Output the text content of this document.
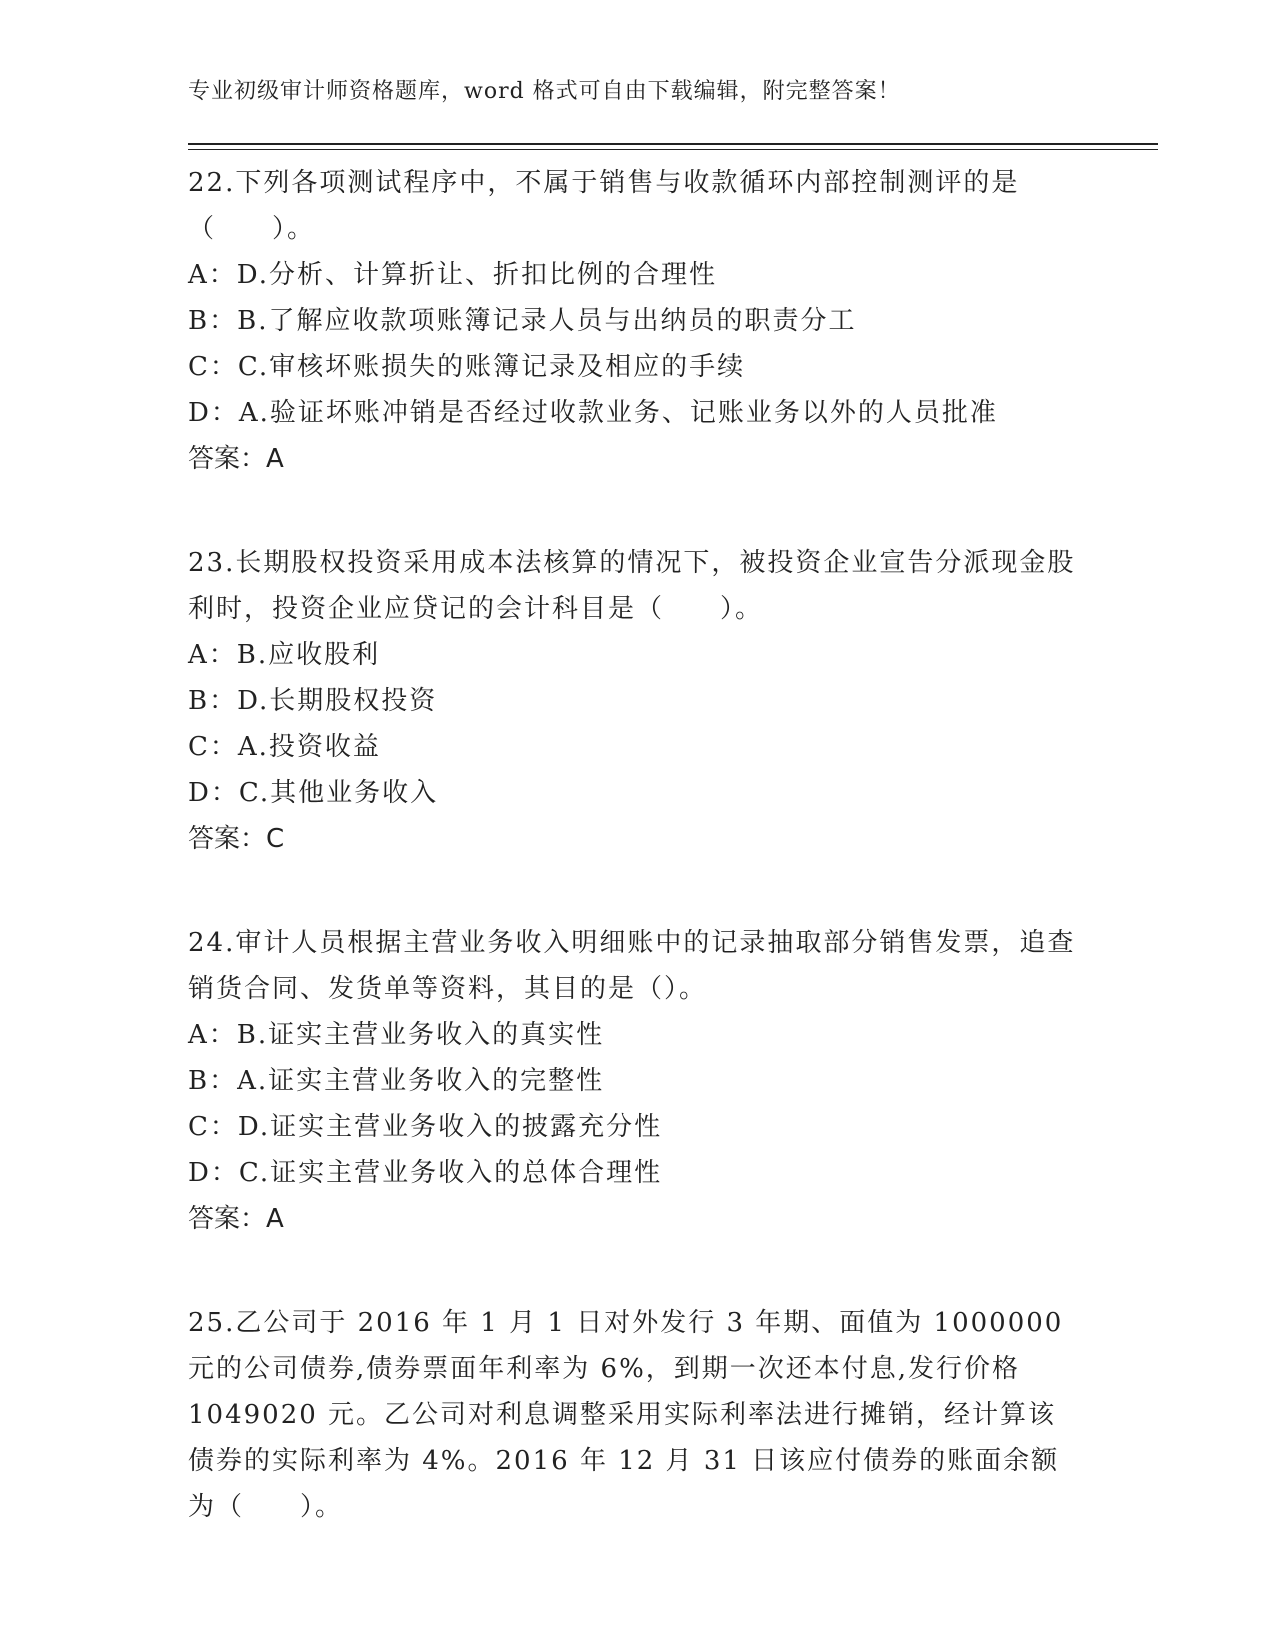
专业初级审计师资格题库，word 格式可自由下载编辑，附完整答案！

22.下列各项测试程序中，不属于销售与收款循环内部控制测评的是（　　）。

A：D.分析、计算折让、折扣比例的合理性

B：B.了解应收款项账簿记录人员与出纳员的职责分工

C：C.审核坏账损失的账簿记录及相应的手续

D：A.验证坏账冲销是否经过收款业务、记账业务以外的人员批准

答案：A

23.长期股权投资采用成本法核算的情况下，被投资企业宣告分派现金股利时，投资企业应贷记的会计科目是（　　）。

A：B.应收股利

B：D.长期股权投资

C：A.投资收益

D：C.其他业务收入

答案：C

24.审计人员根据主营业务收入明细账中的记录抽取部分销售发票，追查销货合同、发货单等资料，其目的是（）。

A：B.证实主营业务收入的真实性

B：A.证实主营业务收入的完整性

C：D.证实主营业务收入的披露充分性

D：C.证实主营业务收入的总体合理性

答案：A

25.乙公司于 2016 年 1 月 1 日对外发行 3 年期、面值为 1000000 元的公司债券,债券票面年利率为 6%，到期一次还本付息,发行价格 1049020 元。乙公司对利息调整采用实际利率法进行摊销，经计算该债券的实际利率为 4%。2016 年 12 月 31 日该应付债券的账面余额为（　　）。
